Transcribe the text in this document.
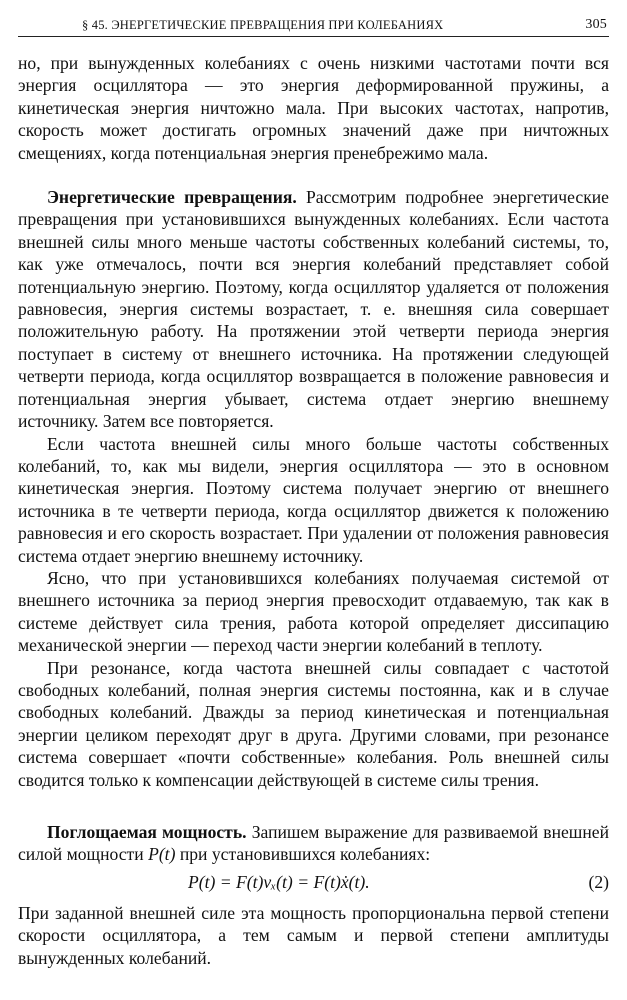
§ 45. ЭНЕРГЕТИЧЕСКИЕ ПРЕВРАЩЕНИЯ ПРИ КОЛЕБАНИЯХ	305

но, при вынужденных колебаниях с очень низкими частотами почти вся энергия осциллятора — это энергия деформированной пружины, а кинетическая энергия ничтожно мала. При высоких частотах, напротив, скорость может достигать огромных значений даже при ничтожных смещениях, когда потенциальная энергия пренебрежимо мала.

Энергетические превращения. Рассмотрим подробнее энергетические превращения при установившихся вынужденных колебаниях. Если частота внешней силы много меньше частоты собственных колебаний системы, то, как уже отмечалось, почти вся энергия колебаний представляет собой потенциальную энергию. Поэтому, когда осциллятор удаляется от положения равновесия, энергия системы возрастает, т. е. внешняя сила совершает положительную работу. На протяжении этой четверти периода энергия поступает в систему от внешнего источника. На протяжении следующей четверти периода, когда осциллятор возвращается в положение равновесия и потенциальная энергия убывает, система отдает энергию внешнему источнику. Затем все повторяется.

Если частота внешней силы много больше частоты собственных колебаний, то, как мы видели, энергия осциллятора — это в основном кинетическая энергия. Поэтому система получает энергию от внешнего источника в те четверти периода, когда осциллятор движется к положению равновесия и его скорость возрастает. При удалении от положения равновесия система отдает энергию внешнему источнику.

Ясно, что при установившихся колебаниях получаемая системой от внешнего источника за период энергия превосходит отдаваемую, так как в системе действует сила трения, работа которой определяет диссипацию механической энергии — переход части энергии колебаний в теплоту.

При резонансе, когда частота внешней силы совпадает с частотой свободных колебаний, полная энергия системы постоянна, как и в случае свободных колебаний. Дважды за период кинетическая и потенциальная энергии целиком переходят друг в друга. Другими словами, при резонансе система совершает «почти собственные» колебания. Роль внешней силы сводится только к компенсации действующей в системе силы трения.

Поглощаемая мощность. Запишем выражение для развиваемой внешней силой мощности P(t) при установившихся колебаниях:

P(t) = F(t)vₓ(t) = F(t)ẋ(t).	(2)

При заданной внешней силе эта мощность пропорциональна первой степени скорости осциллятора, а тем самым и первой степени амплитуды вынужденных колебаний.
